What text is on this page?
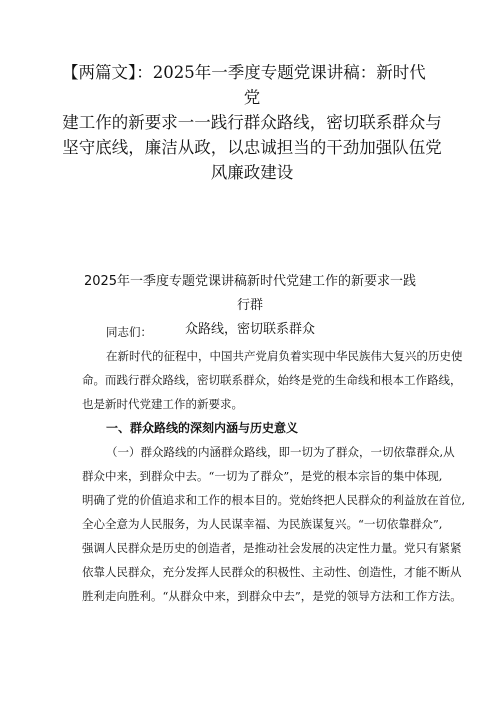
【两篇文】：2025年一季度专题党课讲稿：新时代党
建工作的新要求一一践行群众路线，密切联系群众与
坚守底线，廉洁从政，以忠诚担当的干劲加强队伍党
风廉政建设
2025年一季度专题党课讲稿新时代党建工作的新要求一践行群
众路线，密切联系群众
同志们：
在新时代的征程中，中国共产党肩负着实现中华民族伟大复兴的历史使
命。而践行群众路线，密切联系群众，始终是党的生命线和根本工作路线，
也是新时代党建工作的新要求。
一、群众路线的深刻内涵与历史意义
（一）群众路线的内涵群众路线，即一切为了群众，一切依靠群众,从
群众中来，到群众中去。“一切为了群众”，是党的根本宗旨的集中体现,
明确了党的价值追求和工作的根本目的。党始终把人民群众的利益放在首位,
全心全意为人民服务，为人民谋幸福、为民族谋复兴。“一切依靠群众”,
强调人民群众是历史的创造者，是推动社会发展的决定性力量。党只有紧紧
依靠人民群众，充分发挥人民群众的积极性、主动性、创造性，才能不断从
胜利走向胜利。“从群众中来，到群众中去”，是党的领导方法和工作方法。
